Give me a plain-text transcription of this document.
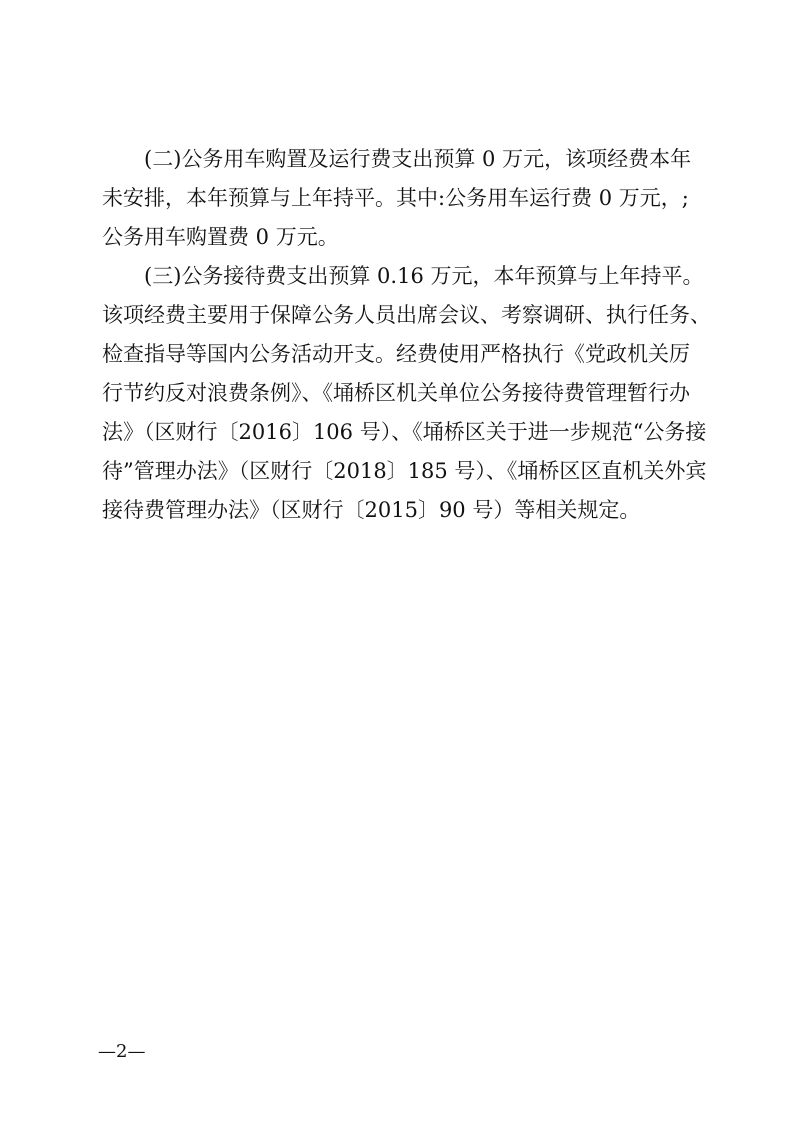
(二)公务用车购置及运行费支出预算 0 万元，该项经费本年
未安排，本年预算与上年持平。其中:公务用车运行费 0 万元，;
公务用车购置费 0 万元。
(三)公务接待费支出预算 0.16 万元，本年预算与上年持平。
该项经费主要用于保障公务人员出席会议、考察调研、执行任务、
检查指导等国内公务活动开支。经费使用严格执行《党政机关厉
行节约反对浪费条例》、《埇桥区机关单位公务接待费管理暂行办
法》（区财行〔2016〕106 号）、《埇桥区关于进一步规范“公务接
待”管理办法》（区财行〔2018〕185 号）、《埇桥区区直机关外宾
接待费管理办法》（区财行〔2015〕90 号）等相关规定。
—2—
